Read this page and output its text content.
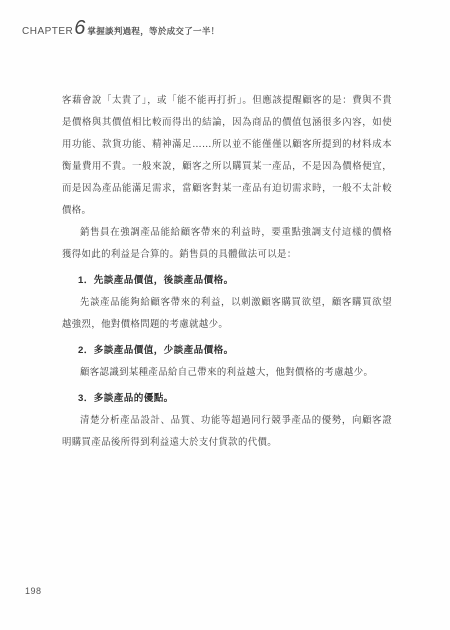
CHAPTER 6 掌握談判過程，等於成交了一半！

客藉會說「太貴了」，或「能不能再打折」。但應該提醒顧客的是：費與不貴是價格與其價值相比較而得出的結論，因為商品的價值包涵很多內容，如使用功能、款貨功能、精神滿足……所以並不能僅僅以顧客所提到的材料成本衡量費用不貴。一般來說，顧客之所以購買某一產品，不是因為價格便宜，而是因為產品能滿足需求，當顧客對某一產品有迫切需求時，一般不太計較價格。

銷售員在強調產品能給顧客帶來的利益時，要重點強調支付這樣的價格獲得如此的利益是合算的。銷售員的具體做法可以是：

1．先談產品價值，後談產品價格。

先談產品能夠給顧客帶來的利益，以刺激顧客購買欲望，顧客購買欲望越強烈，他對價格問題的考慮就越少。

2．多談產品價值，少談產品價格。

顧客認識到某種產品給自己帶來的利益越大，他對價格的考慮越少。

3．多談產品的優點。

清楚分析產品設計、品質、功能等超過同行競爭產品的優勢，向顧客證明購買產品後所得到利益遠大於支付貨款的代價。

198
